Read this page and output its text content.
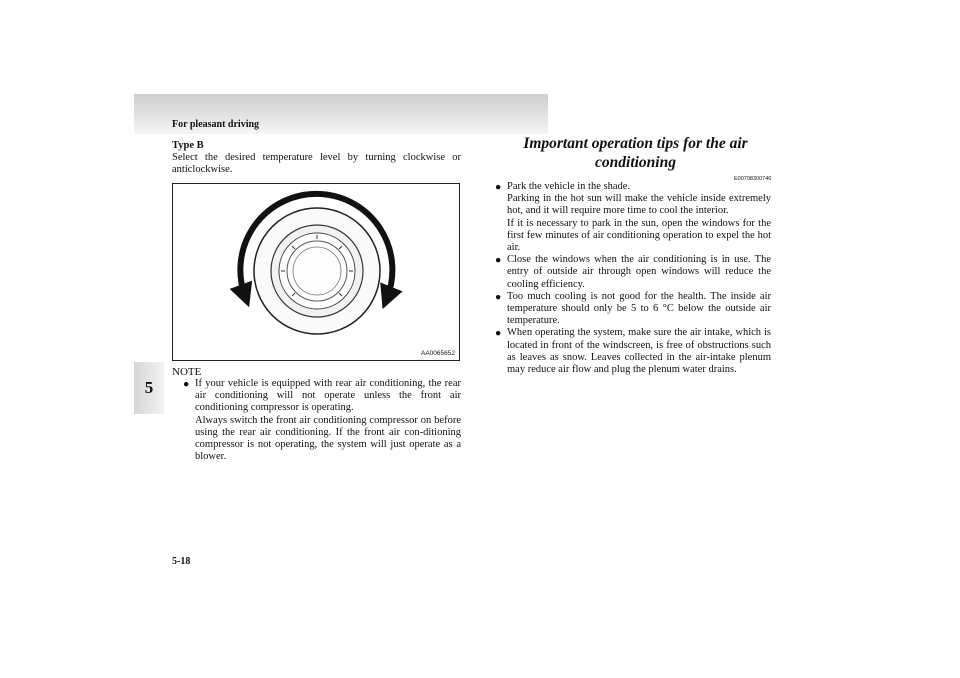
For pleasant driving
5
Type B
Select the desired temperature level by turning clockwise or anticlockwise.
AA0065652
NOTE
● If your vehicle is equipped with rear air conditioning, the rear air conditioning will not operate unless the front air conditioning compressor is operating.
Always switch the front air conditioning compressor on before using the rear air conditioning. If the front air con-ditioning compressor is not operating, the system will just operate as a blower.
Important operation tips for the air conditioning
E00708300746
● Park the vehicle in the shade.
Parking in the hot sun will make the vehicle inside extremely hot, and it will require more time to cool the interior.
If it is necessary to park in the sun, open the windows for the first few minutes of air conditioning operation to expel the hot air.
● Close the windows when the air conditioning is in use. The entry of outside air through open windows will reduce the cooling efficiency.
● Too much cooling is not good for the health. The inside air temperature should only be 5 to 6 °C below the outside air temperature.
● When operating the system, make sure the air intake, which is located in front of the windscreen, is free of obstructions such as leaves as snow. Leaves collected in the air-intake plenum may reduce air flow and plug the plenum water drains.
5-18
